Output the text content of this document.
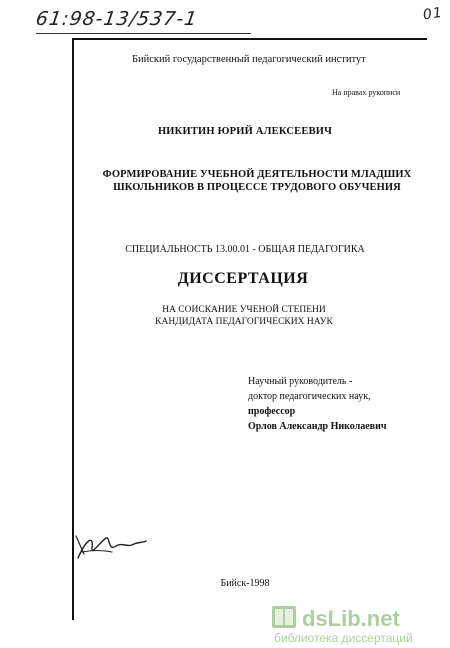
61:98-13/537-1	01
Бийский государственный педагогический институт
На правах рукописи
НИКИТИН ЮРИЙ АЛЕКСЕЕВИЧ
ФОРМИРОВАНИЕ УЧЕБНОЙ ДЕЯТЕЛЬНОСТИ МЛАДШИХ
ШКОЛЬНИКОВ В ПРОЦЕССЕ ТРУДОВОГО ОБУЧЕНИЯ
СПЕЦИАЛЬНОСТЬ 13.00.01 - ОБЩАЯ ПЕДАГОГИКА
ДИССЕРТАЦИЯ
НА СОИСКАНИЕ УЧЕНОЙ СТЕПЕНИ
КАНДИДАТА ПЕДАГОГИЧЕСКИХ НАУК
Научный руководитель -
доктор педагогических наук,
профессор
Орлов Александр Николаевич
Бийск-1998
dsLib.net
библиотека диссертаций
